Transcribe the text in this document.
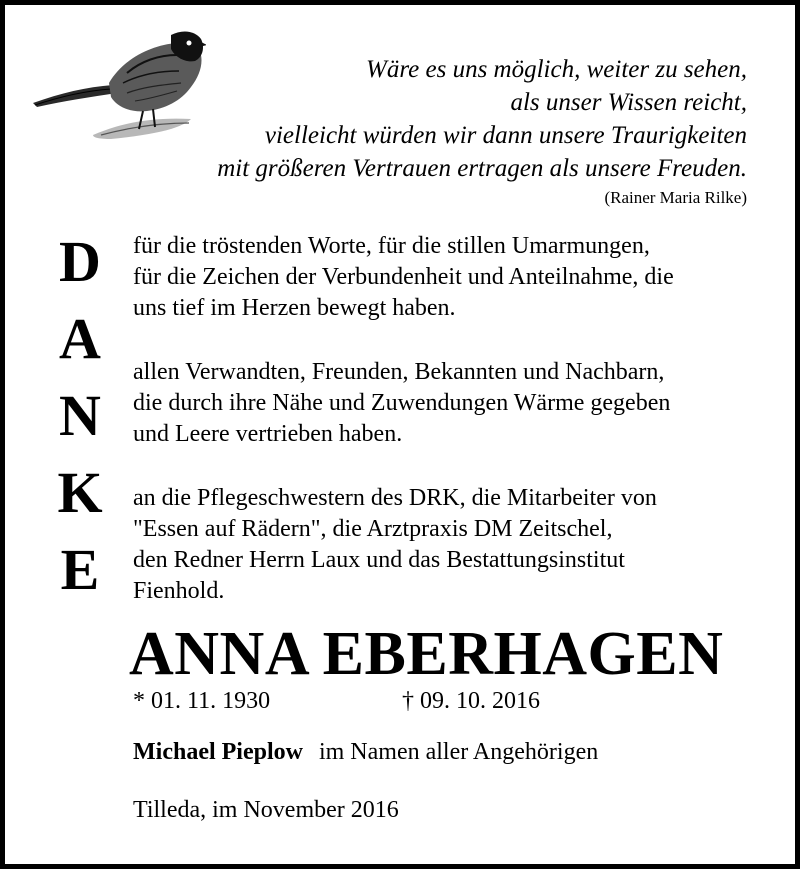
Wäre es uns möglich, weiter zu sehen,
als unser Wissen reicht,
vielleicht würden wir dann unsere Traurigkeiten
mit größeren Vertrauen ertragen als unsere Freuden.
(Rainer Maria Rilke)
D
A
N
K
E
für die tröstenden Worte, für die stillen Umarmungen,
für die Zeichen der Verbundenheit und Anteilnahme, die
uns tief im Herzen bewegt haben.
allen Verwandten, Freunden, Bekannten und Nachbarn,
die durch ihre Nähe und Zuwendungen Wärme gegeben
und Leere vertrieben haben.
an die Pflegeschwestern des DRK, die Mitarbeiter von
"Essen auf Rädern", die Arztpraxis DM Zeitschel,
den Redner Herrn Laux und das Bestattungsinstitut
Fienhold.
ANNA EBERHAGEN
* 01. 11. 1930	† 09. 10. 2016
Michael Pieplow im Namen aller Angehörigen
Tilleda, im November 2016
